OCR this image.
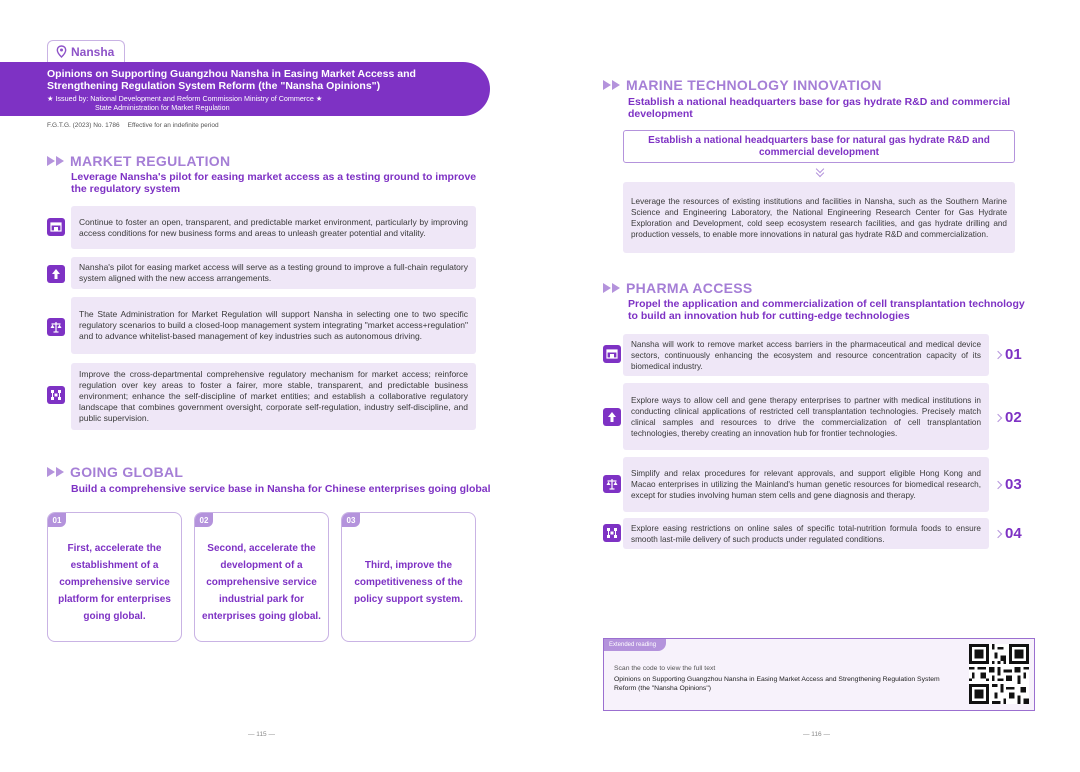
Nansha
Opinions on Supporting Guangzhou Nansha in Easing Market Access and Strengthening Regulation System Reform (the "Nansha Opinions")
★ Issued by: National Development and Reform Commission Ministry of Commerce ★
State Administration for Market Regulation
F.G.T.G. (2023) No. 1786 Effective for an indefinite period
MARKET REGULATION
Leverage Nansha's pilot for easing market access as a testing ground to improve the regulatory system
Continue to foster an open, transparent, and predictable market environment, particularly by improving access conditions for new business forms and areas to unleash greater potential and vitality.
Nansha's pilot for easing market access will serve as a testing ground to improve a full-chain regulatory system aligned with the new access arrangements.
The State Administration for Market Regulation will support Nansha in selecting one to two specific regulatory scenarios to build a closed-loop management system integrating "market access+regulation" and to advance whitelist-based management of key industries such as autonomous driving.
Improve the cross-departmental comprehensive regulatory mechanism for market access; reinforce regulation over key areas to foster a fairer, more stable, transparent, and predictable business environment; enhance the self-discipline of market entities; and establish a collaborative regulatory landscape that combines government oversight, corporate self-regulation, industry self-discipline, and public supervision.
GOING GLOBAL
Build a comprehensive service base in Nansha for Chinese enterprises going global
01
First, accelerate the establishment of a comprehensive service platform for enterprises going global.
02
Second, accelerate the development of a comprehensive service industrial park for enterprises going global.
03
Third, improve the competitiveness of the policy support system.
— 115 —
MARINE TECHNOLOGY INNOVATION
Establish a national headquarters base for gas hydrate R&D and commercial development
Establish a national headquarters base for natural gas hydrate R&D and commercial development
Leverage the resources of existing institutions and facilities in Nansha, such as the Southern Marine Science and Engineering Laboratory, the National Engineering Research Center for Gas Hydrate Exploration and Development, cold seep ecosystem research facilities, and gas hydrate drilling and production vessels, to enable more innovations in natural gas hydrate R&D and commercialization.
PHARMA ACCESS
Propel the application and commercialization of cell transplantation technology to build an innovation hub for cutting-edge technologies
Nansha will work to remove market access barriers in the pharmaceutical and medical device sectors, continuously enhancing the ecosystem and resource concentration capacity of its biomedical industry.
01
Explore ways to allow cell and gene therapy enterprises to partner with medical institutions in conducting clinical applications of restricted cell transplantation technologies. Precisely match clinical samples and resources to drive the commercialization of cell transplantation technologies, thereby creating an innovation hub for frontier technologies.
02
Simplify and relax procedures for relevant approvals, and support eligible Hong Kong and Macao enterprises in utilizing the Mainland's human genetic resources for biomedical research, except for studies involving human stem cells and gene diagnosis and therapy.
03
Explore easing restrictions on online sales of specific total-nutrition formula foods to ensure smooth last-mile delivery of such products under regulated conditions.	04
Extended reading
Scan the code to view the full text
Opinions on Supporting Guangzhou Nansha in Easing Market Access and Strengthening Regulation System Reform (the "Nansha Opinions")
— 116 —
